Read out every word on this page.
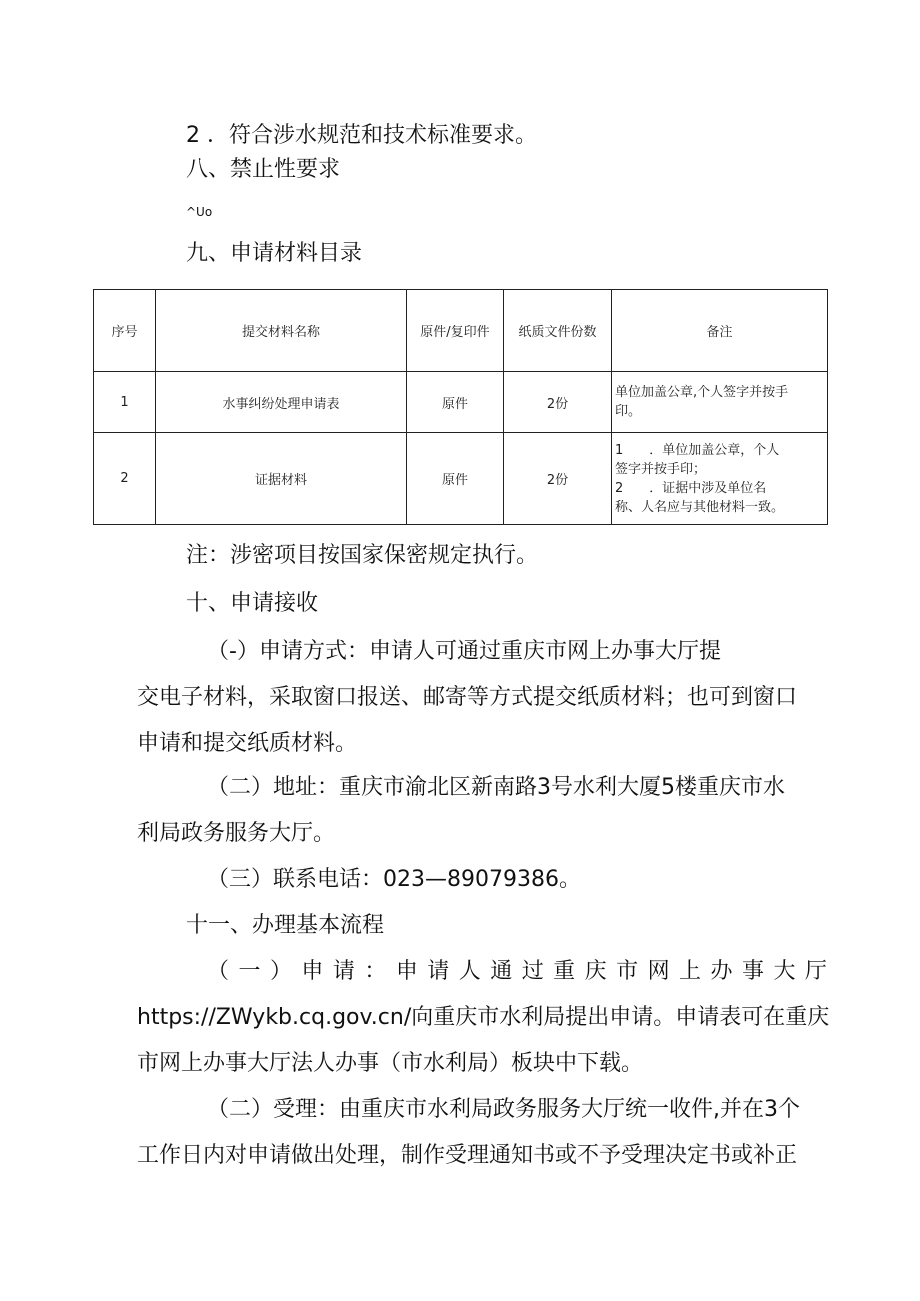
2 ．符合涉水规范和技术标准要求。
八、禁止性要求
^Uo
九、申请材料目录
序号	提交材料名称	原件/复印件	纸质文件份数	备注
1	水事纠纷处理申请表	原件	2份	单位加盖公章,个人签字并按手
印。

2	证据材料	原件	2份	1　　．单位加盖公章，个人
签字并按手印；
2　　．证据中涉及单位名
称、人名应与其他材料一致。
注：涉密项目按国家保密规定执行。
十、申请接收
（-）申请方式：申请人可通过重庆市网上办事大厅提
交电子材料，采取窗口报送、邮寄等方式提交纸质材料；也可到窗口
申请和提交纸质材料。
（二）地址：重庆市渝北区新南路3号水利大厦5楼重庆市水
利局政务服务大厅。
（三）联系电话：023—89079386。
十一、办理基本流程
（ 一 ） 申 请 ： 申 请 人 通 过 重 庆 市 网 上 办 事 大 厅
https://ZWykb.cq.gov.cn/向重庆市水利局提出申请。申请表可在重庆
市网上办事大厅法人办事（市水利局）板块中下载。
（二）受理：由重庆市水利局政务服务大厅统一收件,并在3个
工作日内对申请做出处理，制作受理通知书或不予受理决定书或补正
